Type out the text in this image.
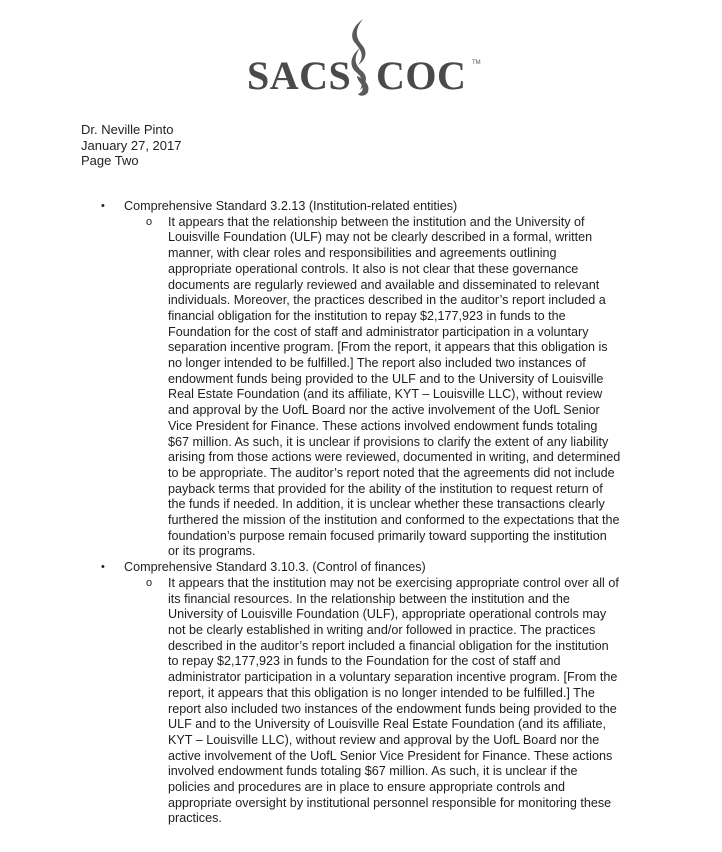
SACS COC TM
Dr. Neville Pinto
January 27, 2017
Page Two
• Comprehensive Standard 3.2.13 (Institution-related entities)
o It appears that the relationship between the institution and the University of
Louisville Foundation (ULF) may not be clearly described in a formal, written
manner, with clear roles and responsibilities and agreements outlining
appropriate operational controls. It also is not clear that these governance
documents are regularly reviewed and available and disseminated to relevant
individuals. Moreover, the practices described in the auditor’s report included a
financial obligation for the institution to repay $2,177,923 in funds to the
Foundation for the cost of staff and administrator participation in a voluntary
separation incentive program. [From the report, it appears that this obligation is
no longer intended to be fulfilled.] The report also included two instances of
endowment funds being provided to the ULF and to the University of Louisville
Real Estate Foundation (and its affiliate, KYT – Louisville LLC), without review
and approval by the UofL Board nor the active involvement of the UofL Senior
Vice President for Finance. These actions involved endowment funds totaling
$67 million. As such, it is unclear if provisions to clarify the extent of any liability
arising from those actions were reviewed, documented in writing, and determined
to be appropriate. The auditor’s report noted that the agreements did not include
payback terms that provided for the ability of the institution to request return of
the funds if needed. In addition, it is unclear whether these transactions clearly
furthered the mission of the institution and conformed to the expectations that the
foundation’s purpose remain focused primarily toward supporting the institution
or its programs.
• Comprehensive Standard 3.10.3. (Control of finances)
o It appears that the institution may not be exercising appropriate control over all of
its financial resources. In the relationship between the institution and the
University of Louisville Foundation (ULF), appropriate operational controls may
not be clearly established in writing and/or followed in practice. The practices
described in the auditor’s report included a financial obligation for the institution
to repay $2,177,923 in funds to the Foundation for the cost of staff and
administrator participation in a voluntary separation incentive program. [From the
report, it appears that this obligation is no longer intended to be fulfilled.] The
report also included two instances of the endowment funds being provided to the
ULF and to the University of Louisville Real Estate Foundation (and its affiliate,
KYT – Louisville LLC), without review and approval by the UofL Board nor the
active involvement of the UofL Senior Vice President for Finance. These actions
involved endowment funds totaling $67 million. As such, it is unclear if the
policies and procedures are in place to ensure appropriate controls and
appropriate oversight by institutional personnel responsible for monitoring these
practices.
